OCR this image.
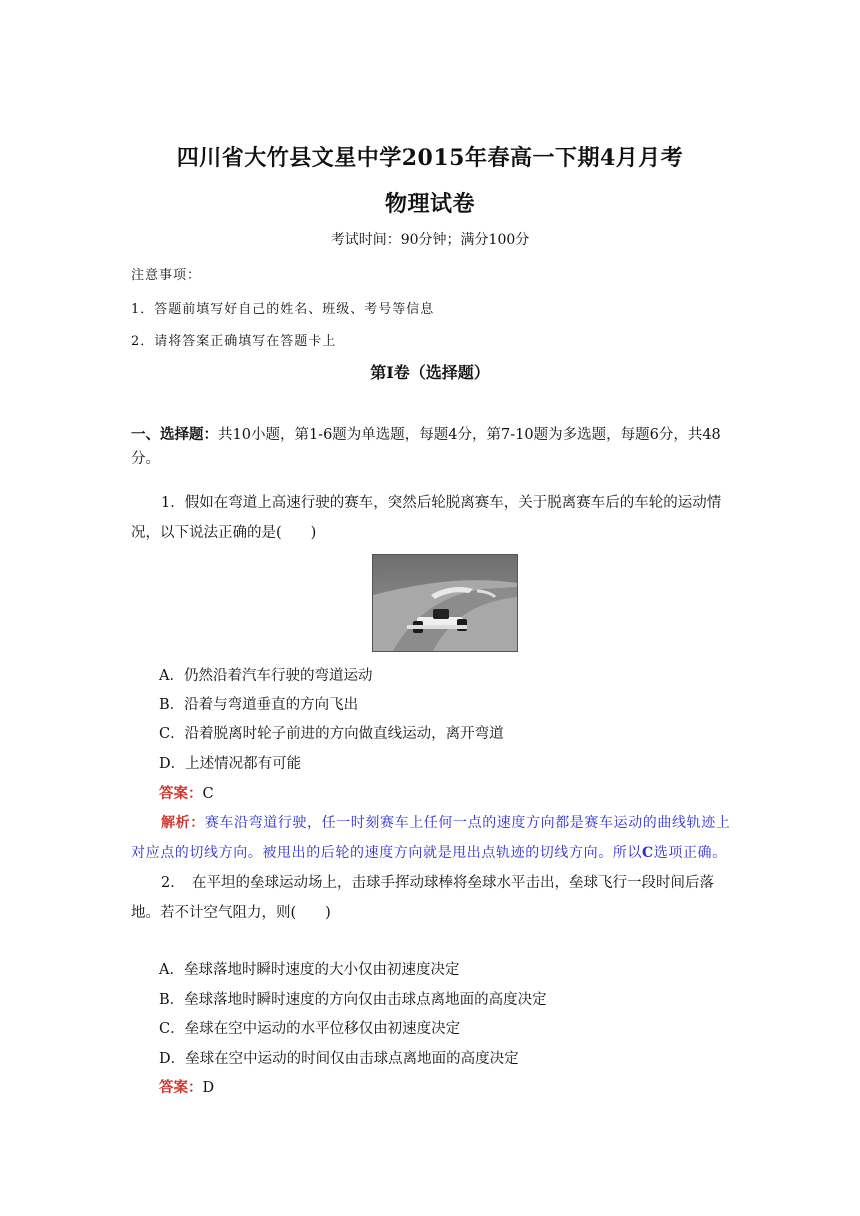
四川省大竹县文星中学2015年春高一下期4月月考
物理试卷
考试时间：90分钟；满分100分
注意事项：
1．答题前填写好自己的姓名、班级、考号等信息
2．请将答案正确填写在答题卡上
第I卷（选择题）
一、选择题：共10小题，第1-6题为单选题，每题4分，第7-10题为多选题，每题6分，共48分。
1．假如在弯道上高速行驶的赛车，突然后轮脱离赛车，关于脱离赛车后的车轮的运动情况，以下说法正确的是(　　)
A．仍然沿着汽车行驶的弯道运动
B．沿着与弯道垂直的方向飞出
C．沿着脱离时轮子前进的方向做直线运动，离开弯道
D．上述情况都有可能
答案：C
解析：赛车沿弯道行驶，任一时刻赛车上任何一点的速度方向都是赛车运动的曲线轨迹上对应点的切线方向。被甩出的后轮的速度方向就是甩出点轨迹的切线方向。所以C选项正确。
2．　在平坦的垒球运动场上，击球手挥动球棒将垒球水平击出，垒球飞行一段时间后落地。若不计空气阻力，则(　　)
A．垒球落地时瞬时速度的大小仅由初速度决定
B．垒球落地时瞬时速度的方向仅由击球点离地面的高度决定
C．垒球在空中运动的水平位移仅由初速度决定
D．垒球在空中运动的时间仅由击球点离地面的高度决定
答案：D
